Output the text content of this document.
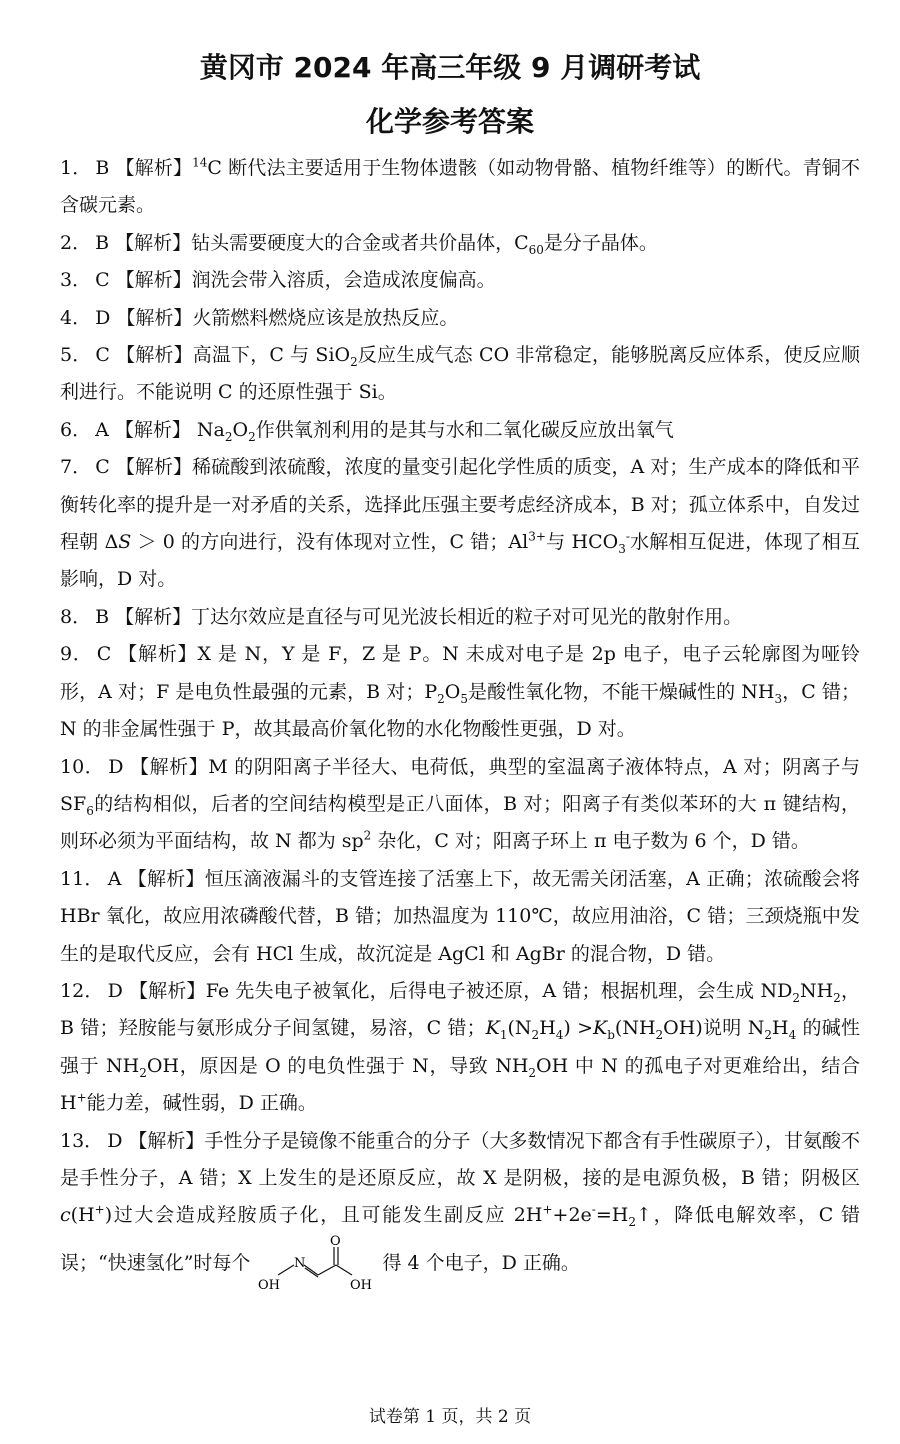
黄冈市 2024 年高三年级 9 月调研考试
化学参考答案

1． B 【解析】$^{14}$C 断代法主要适用于生物体遗骸（如动物骨骼、植物纤维等）的断代。青铜不含碳元素。

2． B 【解析】钻头需要硬度大的合金或者共价晶体，$C_{60}$是分子晶体。

3． C 【解析】润洗会带入溶质，会造成浓度偏高。

4． D 【解析】火箭燃料燃烧应该是放热反应。

5． C 【解析】高温下，C 与 SiO$_2$反应生成气态 CO 非常稳定，能够脱离反应体系，使反应顺利进行。不能说明 C 的还原性强于 Si。

6． A 【解析】 $Na_2O_2$作供氧剂利用的是其与水和二氧化碳反应放出氧气

7． C 【解析】稀硫酸到浓硫酸，浓度的量变引起化学性质的质变，A 对；生产成本的降低和平衡转化率的提升是一对矛盾的关系，选择此压强主要考虑经济成本，B 对；孤立体系中，自发过程朝 ΔS ＞ 0 的方向进行，没有体现对立性，C 错；$Al^{3+}$与 $HCO_3^-$水解相互促进，体现了相互影响，D 对。

8． B 【解析】丁达尔效应是直径与可见光波长相近的粒子对可见光的散射作用。

9． C 【解析】X 是 N，Y 是 F，Z 是 P。N 未成对电子是 2p 电子，电子云轮廓图为哑铃形，A 对；F 是电负性最强的元素，B 对；$P_2O_5$是酸性氧化物，不能干燥碱性的 $NH_3$，C 错；N 的非金属性强于 P，故其最高价氧化物的水化物酸性更强，D 对。

10． D 【解析】M 的阴阳离子半径大、电荷低，典型的室温离子液体特点，A 对；阴离子与 $SF_6$的结构相似，后者的空间结构模型是正八面体，B 对；阳离子有类似苯环的大 π 键结构，则环必须为平面结构，故 N 都为 $sp^2$ 杂化，C 对；阳离子环上 π 电子数为 6 个，D 错。

11． A 【解析】恒压滴液漏斗的支管连接了活塞上下，故无需关闭活塞，A 正确；浓硫酸会将 HBr 氧化，故应用浓磷酸代替，B 错；加热温度为 110℃，故应用油浴，C 错；三颈烧瓶中发生的是取代反应，会有 HCl 生成，故沉淀是 AgCl 和 AgBr 的混合物，D 错。

12． D 【解析】Fe 先失电子被氧化，后得电子被还原，A 错；根据机理，会生成 $ND_2NH_2$，B 错；羟胺能与氨形成分子间氢键，易溶，C 错；$K_1(N_2H_4) >K_b(NH_2OH)$说明 $N_2H_4$ 的碱性强于 $NH_2OH$，原因是 O 的电负性强于 N，导致 $NH_2OH$ 中 N 的孤电子对更难给出，结合 H+能力差，碱性弱，D 正确。

13． D 【解析】手性分子是镜像不能重合的分子（大多数情况下都含有手性碳原子），甘氨酸不是手性分子，A 错；X 上发生的是还原反应，故 X 是阴极，接的是电源负极，B 错；阴极区 c(H+)过大会造成羟胺质子化，且可能发生副反应 $2H^++2e^-=H_2↑$，降低电解效率，C 错误；“快速氢化”时每个
O
N
OH	OH
得 4 个电子，D 正确。

试卷第 1 页，共 2 页
